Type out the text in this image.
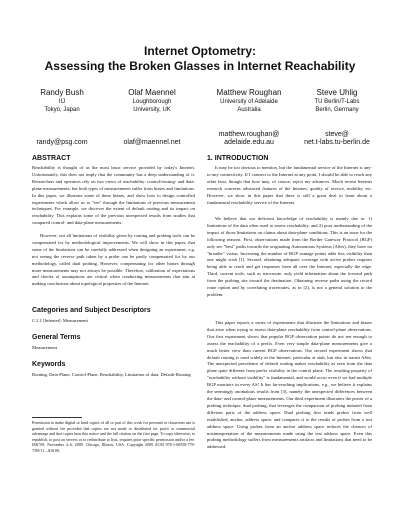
Internet Optometry:
Assessing the Broken Glasses in Internet Reachability
Randy Bush
IIJ
Tokyo, Japan
randy@psg.com
Olaf Maennel
Loughborough
University, UK
olaf@maennel.net
Matthew Roughan
University of Adelaide
Australia
matthew.roughan@
adelaide.edu.au
Steve Uhlig
TU Berlin/T-Labs
Berlin, Germany
steve@
net.t-labs.tu-berlin.de
ABSTRACT
Reachability is thought of as the most basic service provided by today's Internet. Unfortunately, this does not imply that the community has a deep understanding of it. Researchers and operators rely on two views of reachability: control/routing- and data-plane measurements, but both types of measurements suffer from biases and limitations. In this paper, we illustrate some of these biases, and show how to design controlled experiments which allow us to "see" through the limitations of previous measurement techniques. For example, we discover the extent of default routing and its impact on reachability. This explains some of the previous unexpected results from studies that compared control- and data-plane measurements.
However, not all limitations of visibility given by routing and probing tools can be compensated for by methodological improvements. We will show in this paper, that some of the limitations can be carefully addressed when designing an experiment, e.g. not seeing the reverse path taken by a probe can be partly compensated for by our methodology, called dual probing. However, compensating for other biases through more measurements may not always be possible. Therefore, calibration of expectations and checks of assumptions are critical when conducting measurements that aim at making conclusions about topological properties of the Internet.
Categories and Subject Descriptors
C.2.1 [Internet]: Measurement
General Terms
Measurement
Keywords
Routing, Data-Plane, Control-Plane, Reachability, Limitation of data, Default-Routing
Permission to make digital or hard copies of all or part of this work for personal or classroom use is granted without fee provided that copies are not made or distributed for profit or commercial advantage and that copies bear this notice and the full citation on the first page. To copy otherwise, to republish, to post on servers or to redistribute to lists, requires prior specific permission and/or a fee. IMC'09, November 4–6, 2009, Chicago, Illinois, USA. Copyright 2009 ACM 978-1-60558-770-7/09/11 ...$10.00.
1. INTRODUCTION
It may be too obvious to mention, but the fundamental service of the Internet is any-to-any connectivity. If I connect to the Internet at any point, I should be able to reach any other host, though that host may, of course, reject my advances. Much recent Internet research concerns advanced features of the Internet, quality of service, mobility, etc. However, we show in this paper that there is still a great deal to learn about a fundamental reachability service of the Internet.
We believe that our deficient knowledge of reachability is mainly due to: 1) limitations of the data often used to assess reachability, and 2) poor understanding of the impact of those limitations on claims about data-plane conditions. This is an issue for the following reasons. First, observations made from the Border Gateway Protocol (BGP) only see "best" paths towards the originating Autonomous Systems (ASes), they have no "broader" vision. Increasing the number of BGP vantage points adds less visibility than one might wish [1]. Second, obtaining adequate coverage with active probes requires being able to reach and get responses from all over the Internet, especially the edge. Third, current tools, such as traceroute, only yield information about the forward path from the probing site toward the destination. Obtaining reverse paths using the record route option and by correlating traceroutes, as in [2], is not a general solution to the problem.
This paper reports a series of experiments that illustrate the limitations and biases that arise when trying to assess data-plane reachability from control-plane observations. Our first experiment shows that popular BGP observation points do not see enough to assess the reachability of a prefix. Even very simple data-plane measurements give a much better view than current BGP observations. Our second experiment shows that default routing is used widely in the Internet, particular at stub, but also in transit ASes. The unexpected prevalence of default routing makes reachability as seen from the data plane quite different from prefix visibility in the control plane. The resulting property of "reachability without visibility" is fundamental, and would occur even if we had multiple BGP monitors in every AS! It has far-reaching implications, e.g., we believe it explains the seemingly anomalous results from [3], namely the unexpected differences between the data- and control-plane measurements. Our third experiment illustrates the power of a probing technique, dual probing, that leverages the comparison of probing initiated from different parts of the address space. Dual probing first sends probes from well established, anchor, address space, and compares it to the results of probes from a test address space. Using probes from an anchor address space reduces the chances of misinterpretation of the measurements made using the test address space. Even this probing methodology suffers from measurements artifacts and limitations that need to be addressed.
